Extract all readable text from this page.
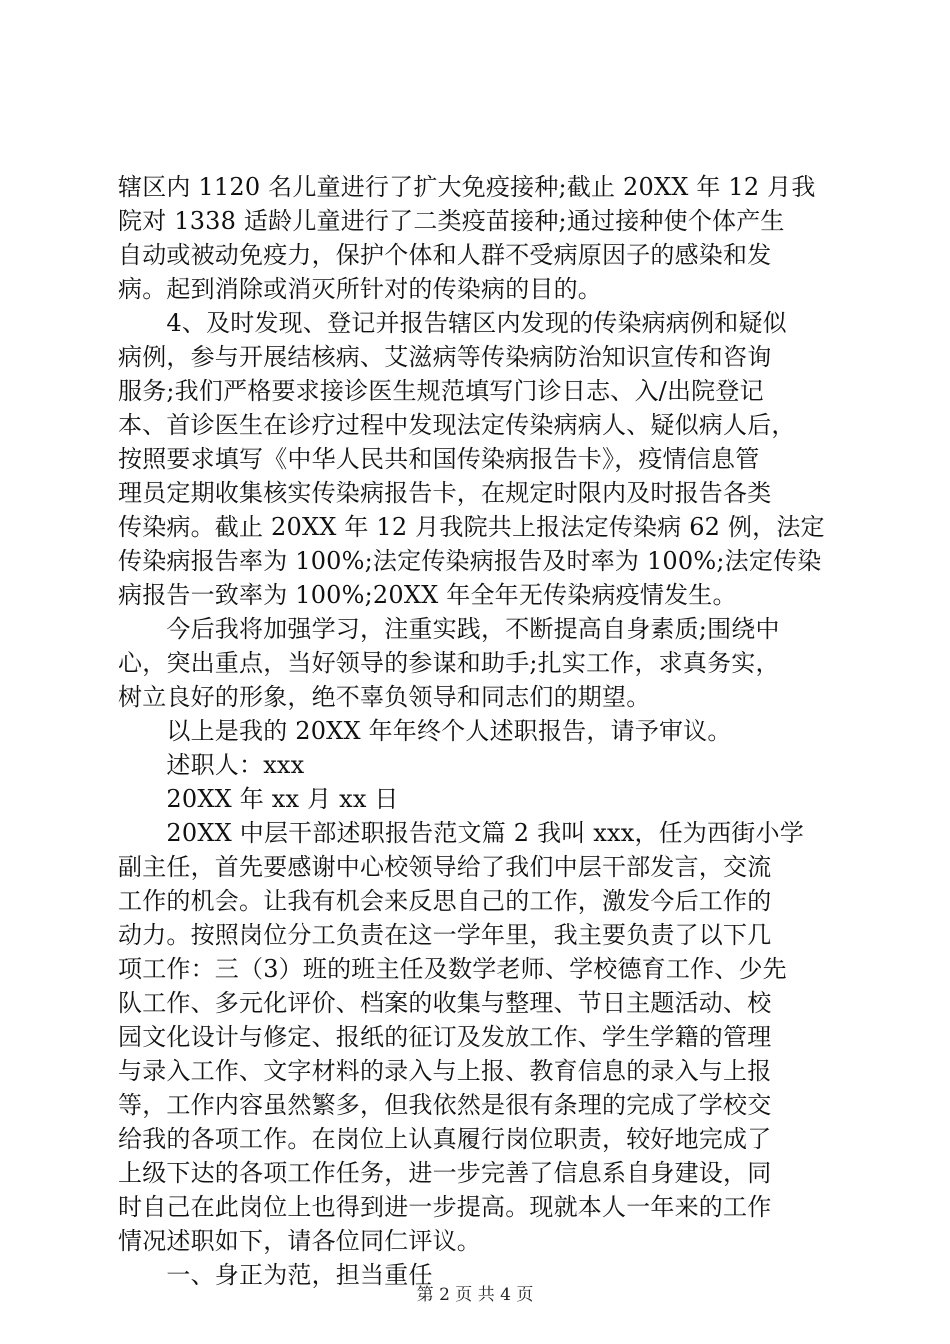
辖区内 1120 名儿童进行了扩大免疫接种;截止 20XX 年 12 月我
院对 1338 适龄儿童进行了二类疫苗接种;通过接种使个体产生
自动或被动免疫力，保护个体和人群不受病原因子的感染和发
病。起到消除或消灭所针对的传染病的目的。
　　4、及时发现、登记并报告辖区内发现的传染病病例和疑似
病例，参与开展结核病、艾滋病等传染病防治知识宣传和咨询
服务;我们严格要求接诊医生规范填写门诊日志、入/出院登记
本、首诊医生在诊疗过程中发现法定传染病病人、疑似病人后，
按照要求填写《中华人民共和国传染病报告卡》，疫情信息管
理员定期收集核实传染病报告卡，在规定时限内及时报告各类
传染病。截止 20XX 年 12 月我院共上报法定传染病 62 例，法定
传染病报告率为 100%;法定传染病报告及时率为 100%;法定传染
病报告一致率为 100%;20XX 年全年无传染病疫情发生。
　　今后我将加强学习，注重实践，不断提高自身素质;围绕中
心，突出重点，当好领导的参谋和助手;扎实工作，求真务实，
树立良好的形象，绝不辜负领导和同志们的期望。
　　以上是我的 20XX 年年终个人述职报告，请予审议。
　　述职人：xxx
　　20XX 年 xx 月 xx 日
　　20XX 中层干部述职报告范文篇 2 我叫 xxx，任为西街小学
副主任，首先要感谢中心校领导给了我们中层干部发言，交流
工作的机会。让我有机会来反思自己的工作，激发今后工作的
动力。按照岗位分工负责在这一学年里，我主要负责了以下几
项工作：三（3）班的班主任及数学老师、学校德育工作、少先
队工作、多元化评价、档案的收集与整理、节日主题活动、校
园文化设计与修定、报纸的征订及发放工作、学生学籍的管理
与录入工作、文字材料的录入与上报、教育信息的录入与上报
等，工作内容虽然繁多，但我依然是很有条理的完成了学校交
给我的各项工作。在岗位上认真履行岗位职责，较好地完成了
上级下达的各项工作任务，进一步完善了信息系自身建设，同
时自己在此岗位上也得到进一步提高。现就本人一年来的工作
情况述职如下，请各位同仁评议。
　　一、身正为范，担当重任
第 2 页 共 4 页
